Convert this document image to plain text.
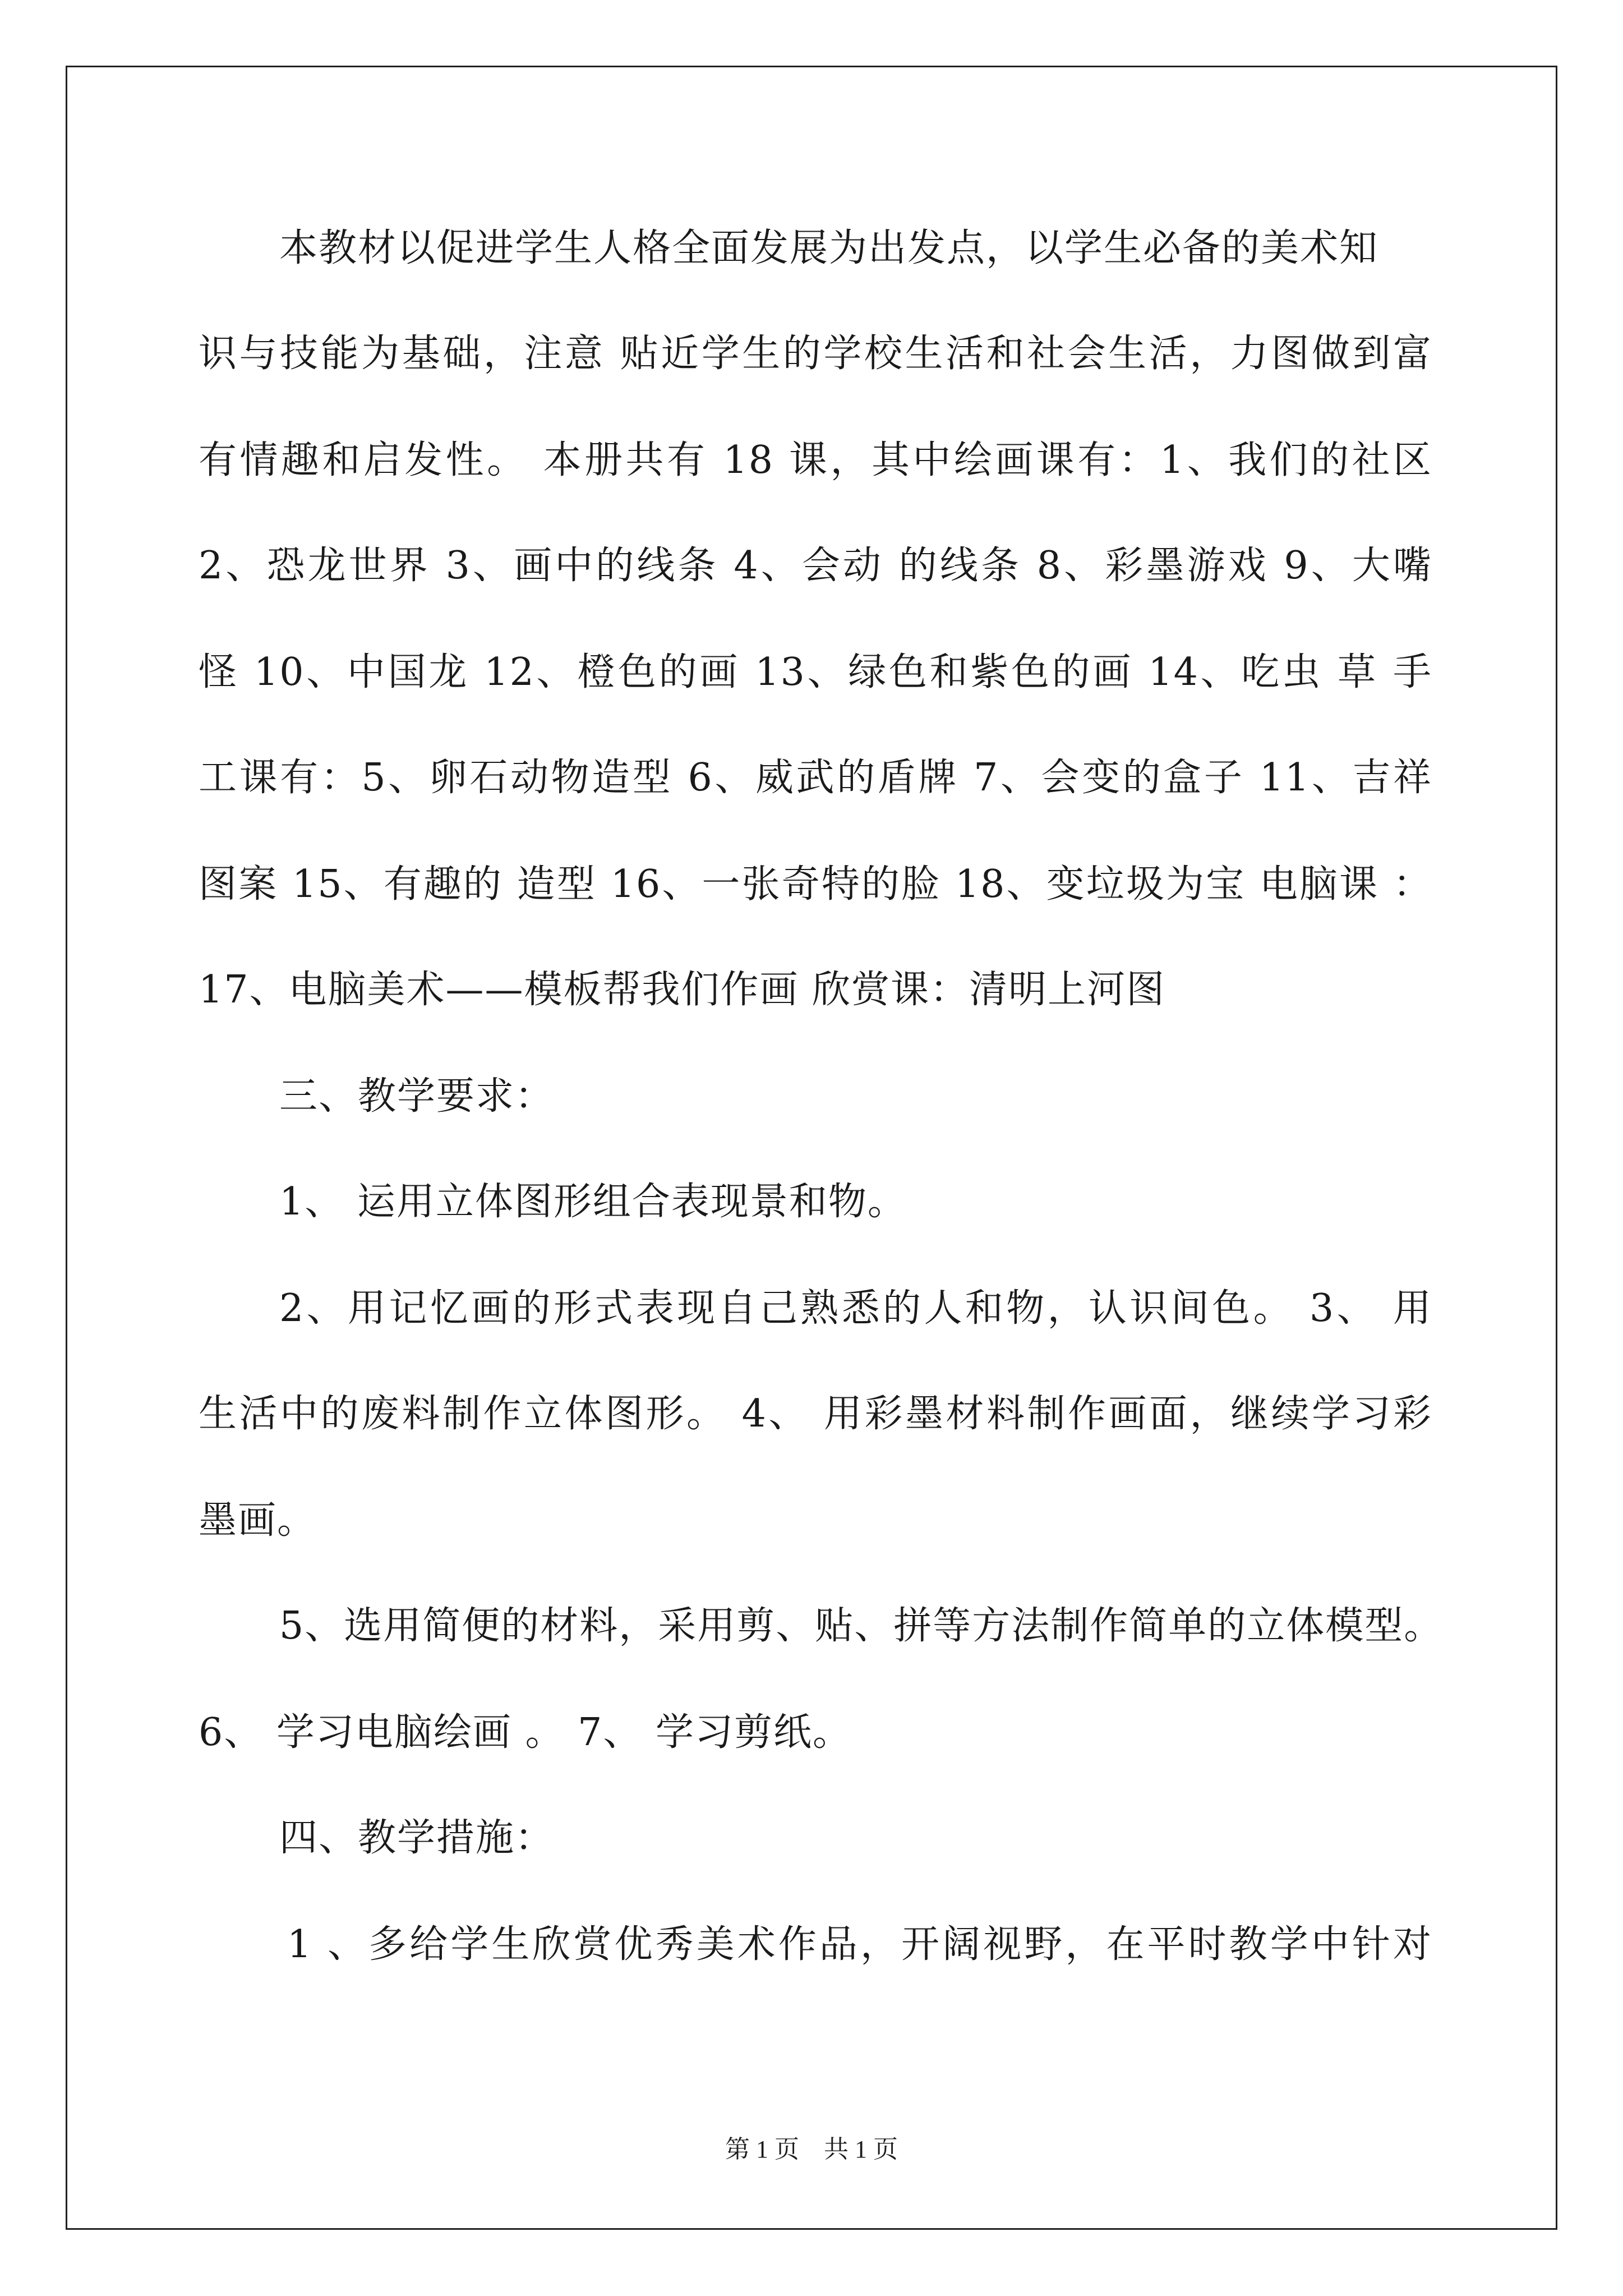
本教材以促进学生人格全面发展为出发点，以学生必备的美术知
识与技能为基础，注意 贴近学生的学校生活和社会生活，力图做到富
有情趣和启发性。 本册共有 18 课，其中绘画课有：1、我们的社区
2、恐龙世界 3、画中的线条 4、会动 的线条 8、彩墨游戏 9、大嘴
怪 10、中国龙 12、橙色的画 13、绿色和紫色的画 14、吃虫 草 手
工课有：5、卵石动物造型 6、威武的盾牌 7、会变的盒子 11、吉祥
图案 15、有趣的 造型 16、一张奇特的脸 18、变垃圾为宝 电脑课 ：
17、电脑美术——模板帮我们作画 欣赏课：清明上河图
三、教学要求：
1、 运用立体图形组合表现景和物。
2、用记忆画的形式表现自己熟悉的人和物，认识间色。 3、 用
生活中的废料制作立体图形。 4、 用彩墨材料制作画面，继续学习彩
墨画。
5、选用简便的材料，采用剪、贴、拼等方法制作简单的立体模型。
6、 学习电脑绘画 。 7、 学习剪纸。
四、教学措施：
1 、多给学生欣赏优秀美术作品，开阔视野，在平时教学中针对
第 1 页    共 1 页
